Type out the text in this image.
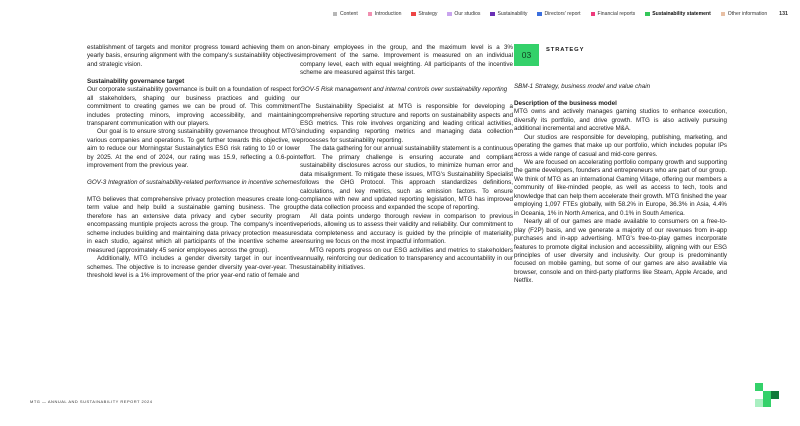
Content	Introduction	Strategy	Our studios	Sustainability	Directors' report	Financial reports	Sustainability statement	Other information 131

establishment of targets and monitor progress toward achieving them on a yearly basis, ensuring alignment with the company's sustainability objectives and strategic vision.

Sustainability governance target

Our corporate sustainability governance is built on a foundation of respect for all stakeholders, shaping our business practices and guiding our commitment to creating games we can be proud of. This commitment includes protecting minors, improving accessibility, and maintaining transparent communication with our players.

Our goal is to ensure strong sustainability governance throughout MTG's various companies and operations. To get further towards this objective, we aim to reduce our Morningstar Sustainalytics ESG risk rating to 10 or lower by 2025. At the end of 2024, our rating was 15.9, reflecting a 0.6-point improvement from the previous year.

GOV-3 Integration of sustainability-related performance in incentive schemes

MTG believes that comprehensive privacy protection measures create long-term value and help build a sustainable gaming business. The group therefore has an extensive data privacy and cyber security program encompassing muntiple projects across the group. The company's incentive scheme includes building and maintaining data privacy protection measures in each studio, against which all participants of the incentive scheme are measured (approximately 45 senior employees across the group).

Additionally, MTG includes a gender diversity target in our incentive schemes. The objective is to increase gender diversity year-over-year. The threshold level is a 1% improvement of the prior year-end ratio of female and

non-binary employees in the group, and the maximum level is a 3% improvement of the same. Improvement is measured on an individual company level, each with equal weighting. All participants of the incentive scheme are measured against this target.

GOV-5 Risk management and internal controls over sustainability reporting

The Sustainability Specialist at MTG is responsible for developing a comprehensive reporting structure and reports on sustainability aspects and ESG metrics. This role involves organizing and leading critical activities, including expanding reporting metrics and managing data collection processes for sustainability reporting.

The data gathering for our annual sustainability statement is a continuous effort. The primary challenge is ensuring accurate and compliant sustainability disclosures across our studios, to minimize human error and data misalignment. To mitigate these issues, MTG's Sustainability Specialist follows the GHG Protocol. This approach standardizes definitions, calculations, and key metrics, such as emission factors. To ensure compliance with new and updated reporting legislation, MTG has improved the data collection process and expanded the scope of reporting.

All data points undergo thorough review in comparison to previous periods, allowing us to assess their validity and reliability. Our commitment to data completeness and accuracy is guided by the principle of materiality, ensuring we focus on the most impactful information.

MTG reports progress on our ESG activities and metrics to stakeholders annually, reinforcing our dedication to transparency and accountability in our sustainability initiatives.

03	STRATEGY

SBM-1 Strategy, business model and value chain

Description of the business model

MTG owns and actively manages gaming studios to enhance execution, diversify its portfolio, and drive growth. MTG is also actively pursuing additional incremental and accretive M&A.

Our studios are responsible for developing, publishing, marketing, and operating the games that make up our portfolio, which includes popular IPs across a wide range of casual and mid-core genres.

We are focused on accelerating portfolio company growth and supporting the game developers, founders and entrepreneurs who are part of our group. We think of MTG as an international Gaming Village, offering our members a community of like-minded people, as well as access to tech, tools and knowledge that can help them accelerate their growth. MTG finished the year employing 1,097 FTEs globally, with 58.2% in Europe, 36.3% in Asia, 4.4% in Oceania, 1% in North America, and 0.1% in South America.

Nearly all of our games are made available to consumers on a free-to-play (F2P) basis, and we generate a majority of our revenues from in-app purchases and in-app advertising. MTG's free-to-play games incorporate features to promote digital inclusion and accessibility, aligning with our ESG principles of user diversity and inclusivity. Our group is predominantly focused on mobile gaming, but some of our games are also available via browser, console and on third-party platforms like Steam, Apple Arcade, and Netflix.

MTG — ANNUAL AND SUSTAINABILITY REPORT 2024
